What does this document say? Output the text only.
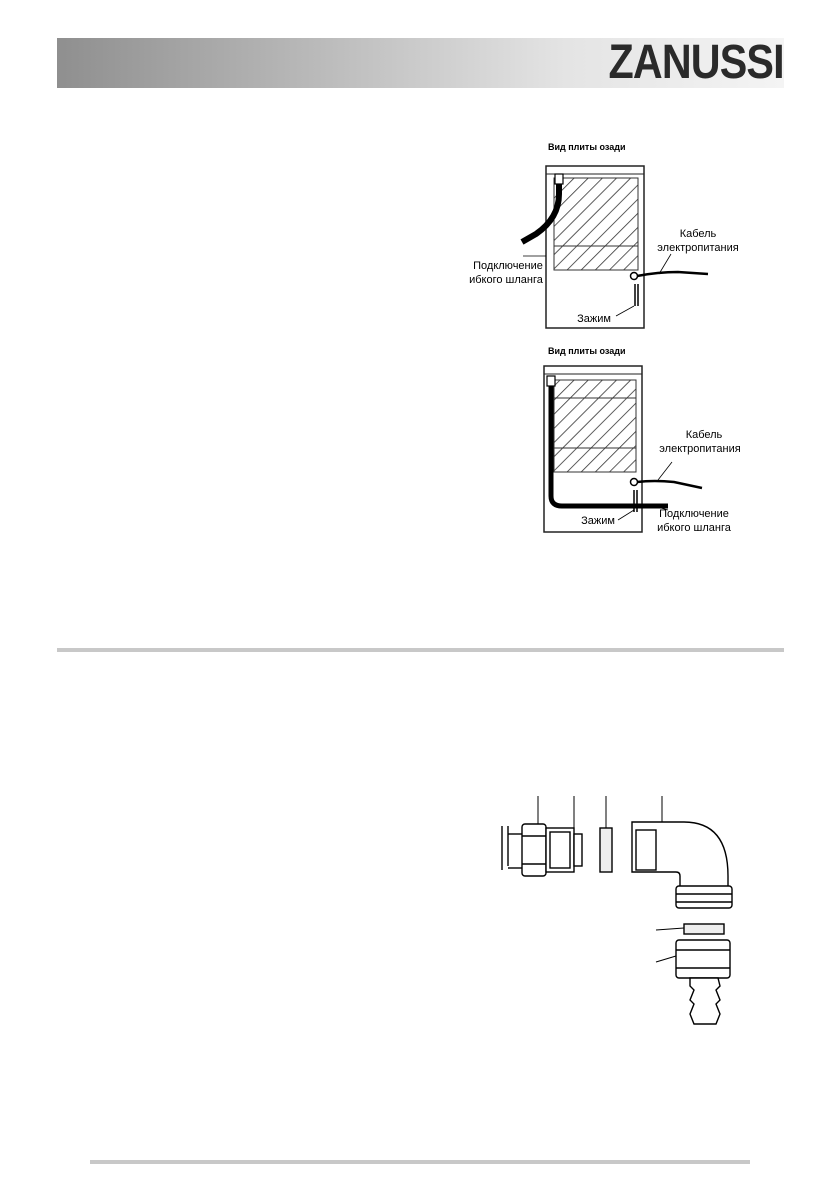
ZANUSSI
Вид плиты озади
Подключение
ибкого шланга
Кабель
электропитания
Зажим
Вид плиты озади
Кабель
электропитания
Подключение
ибкого шланга
Зажим
